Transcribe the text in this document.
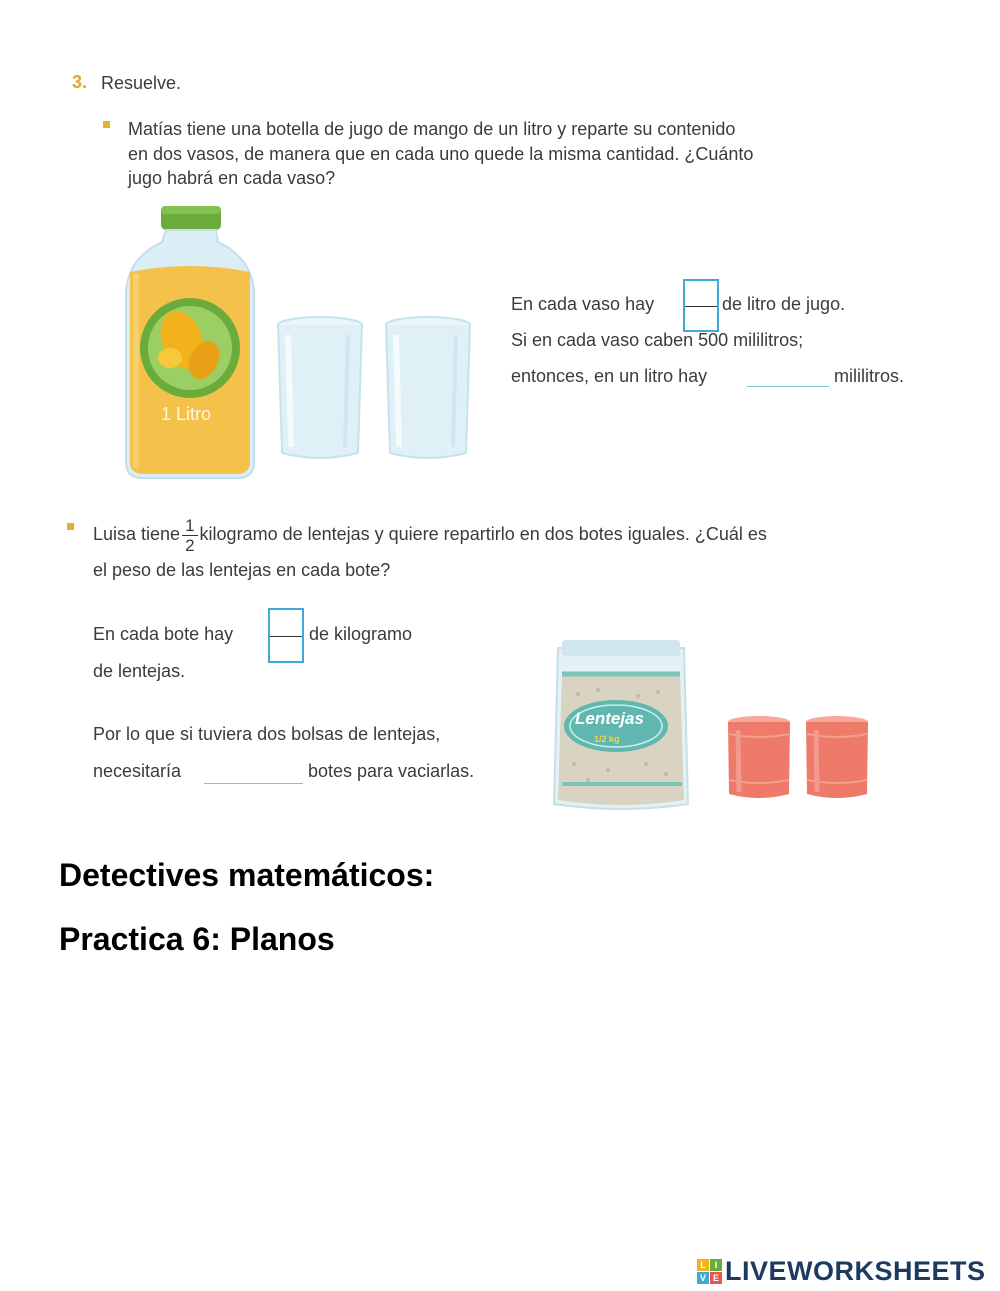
3. Resuelve.
Matías tiene una botella de jugo de mango de un litro y reparte su contenido
en dos vasos, de manera que en cada uno quede la misma cantidad. ¿Cuánto
jugo habrá en cada vaso?
1 Litro
En cada vaso hay	de litro de jugo.
Si en cada vaso caben 500 mililitros;
entonces, en un litro hay	mililitros.
Luisa tiene $\frac{1}{2}$ kilogramo de lentejas y quiere repartirlo en dos botes iguales. ¿Cuál es
el peso de las lentejas en cada bote?
En cada bote hay	de kilogramo
de lentejas.
Por lo que si tuviera dos bolsas de lentejas,
necesitaría	botes para vaciarlas.
Lentejas
1/2 kg
Detectives matemáticos:
Practica 6: Planos
L I
V E LIVEWORKSHEETS
